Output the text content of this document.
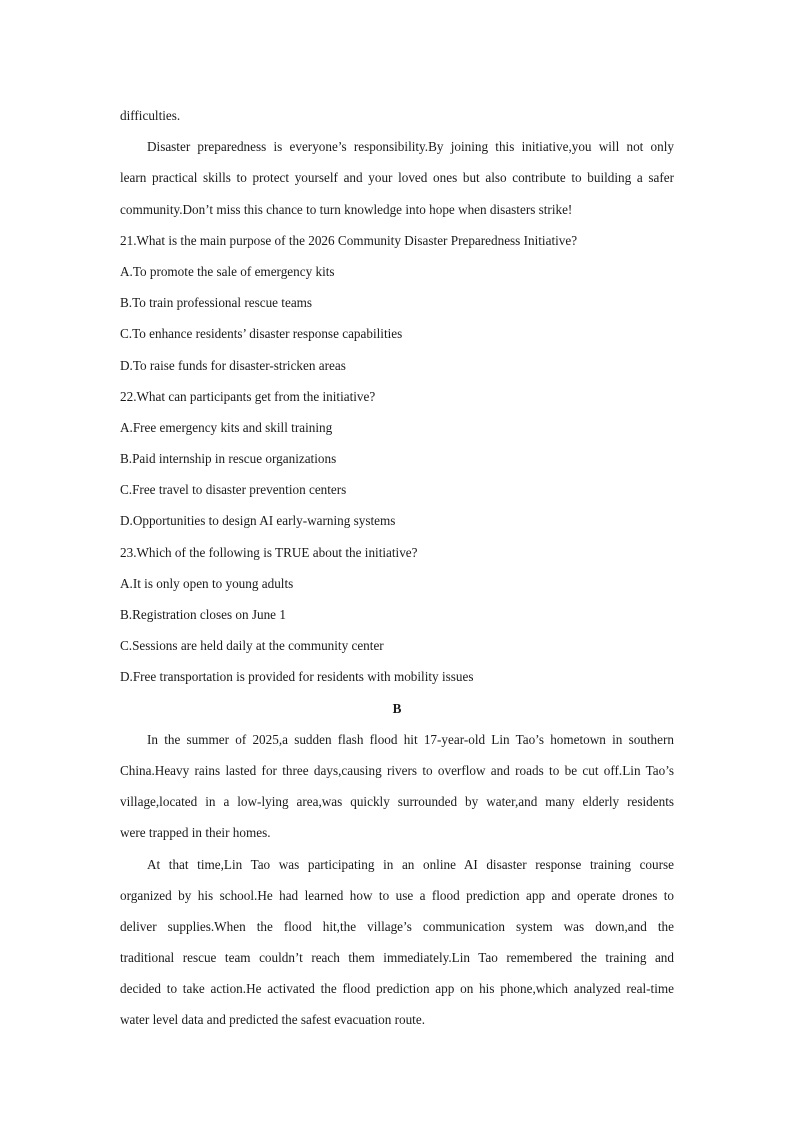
difficulties.
Disaster preparedness is everyone’s responsibility.By joining this initiative,you will not only
learn practical skills to protect yourself and your loved ones but also contribute to building a safer
community.Don’t miss this chance to turn knowledge into hope when disasters strike!
21.What is the main purpose of the 2026 Community Disaster Preparedness Initiative?
A.To promote the sale of emergency kits
B.To train professional rescue teams
C.To enhance residents’ disaster response capabilities
D.To raise funds for disaster-stricken areas
22.What can participants get from the initiative?
A.Free emergency kits and skill training
B.Paid internship in rescue organizations
C.Free travel to disaster prevention centers
D.Opportunities to design AI early-warning systems
23.Which of the following is TRUE about the initiative?
A.It is only open to young adults
B.Registration closes on June 1
C.Sessions are held daily at the community center
D.Free transportation is provided for residents with mobility issues
B
In the summer of 2025,a sudden flash flood hit 17-year-old Lin Tao’s hometown in southern
China.Heavy rains lasted for three days,causing rivers to overflow and roads to be cut off.Lin Tao’s
village,located in a low-lying area,was quickly surrounded by water,and many elderly residents
were trapped in their homes.
At that time,Lin Tao was participating in an online AI disaster response training course
organized by his school.He had learned how to use a flood prediction app and operate drones to
deliver supplies.When the flood hit,the village’s communication system was down,and the
traditional rescue team couldn’t reach them immediately.Lin Tao remembered the training and
decided to take action.He activated the flood prediction app on his phone,which analyzed real-time
water level data and predicted the safest evacuation route.
